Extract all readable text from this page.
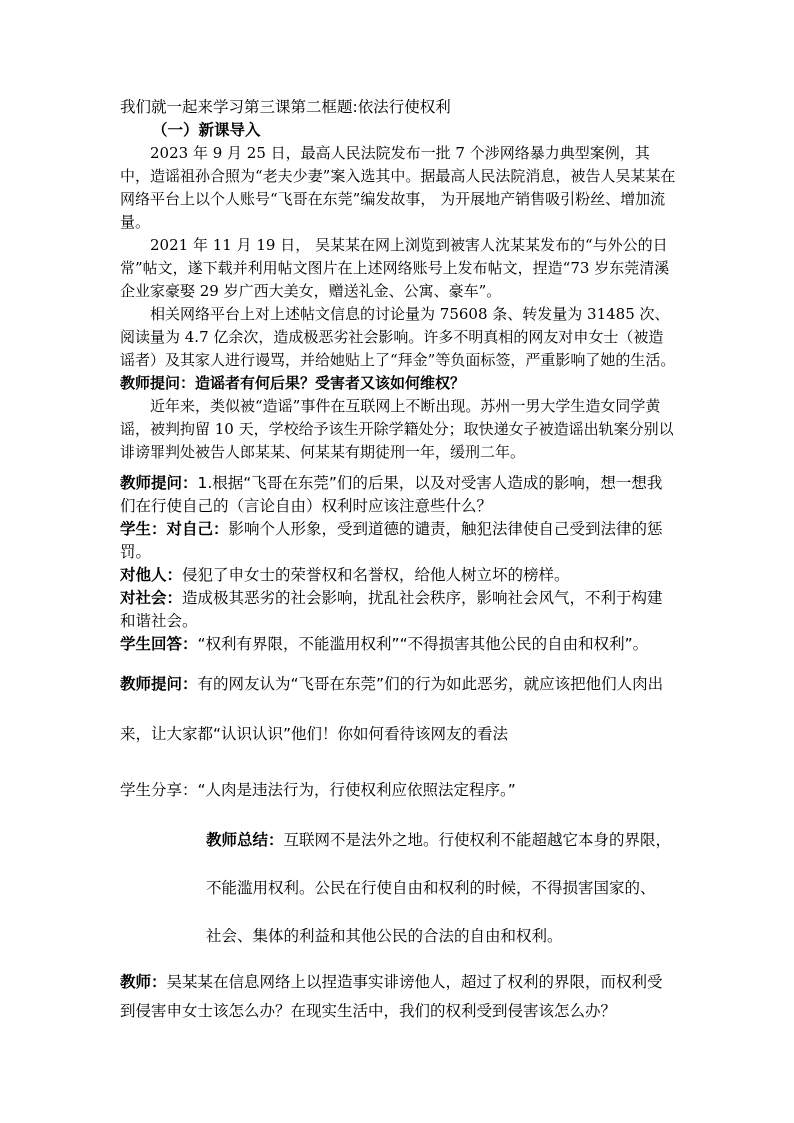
我们就一起来学习第三课第二框题:依法行使权利

（一）新课导入

2023 年 9 月 25 日，最高人民法院发布一批 7 个涉网络暴力典型案例，其中，造谣祖孙合照为“老夫少妻”案入选其中。据最高人民法院消息，被告人吴某某在网络平台上以个人账号“飞哥在东莞”编发故事， 为开展地产销售吸引粉丝、增加流量。

2021 年 11 月 19 日， 吴某某在网上浏览到被害人沈某某发布的“与外公的日常”帖文，遂下载并利用帖文图片在上述网络账号上发布帖文，捏造“73 岁东莞清溪企业家豪娶 29 岁广西大美女，赠送礼金、公寓、豪车”。

相关网络平台上对上述帖文信息的讨论量为 75608 条、转发量为 31485 次、阅读量为 4.7 亿余次，造成极恶劣社会影响。许多不明真相的网友对申女士（被造谣者）及其家人进行谩骂，并给她贴上了“拜金”等负面标签，严重影响了她的生活。

教师提问：造谣者有何后果？受害者又该如何维权？

近年来，类似被“造谣”事件在互联网上不断出现。苏州一男大学生造女同学黄谣，被判拘留 10 天，学校给予该生开除学籍处分；取快递女子被造谣出轨案分别以诽谤罪判处被告人郎某某、何某某有期徒刑一年，缓刑二年。

教师提问：1.根据“飞哥在东莞”们的后果，以及对受害人造成的影响，想一想我们在行使自己的（言论自由）权利时应该注意些什么？

学生：对自己：影响个人形象，受到道德的谴责，触犯法律使自己受到法律的惩罚。

对他人：侵犯了申女士的荣誉权和名誉权，给他人树立坏的榜样。

对社会：造成极其恶劣的社会影响，扰乱社会秩序，影响社会风气，不利于构建和谐社会。

学生回答：“权利有界限，不能滥用权利”“不得损害其他公民的自由和权利”。

教师提问：有的网友认为“飞哥在东莞”们的行为如此恶劣，就应该把他们人肉出

来，让大家都“认识认识”他们！你如何看待该网友的看法

学生分享：“人肉是违法行为，行使权利应依照法定程序。”

教师总结：互联网不是法外之地。行使权利不能超越它本身的界限，

不能滥用权利。公民在行使自由和权利的时候，不得损害国家的、

社会、集体的利益和其他公民的合法的自由和权利。

教师：吴某某在信息网络上以捏造事实诽谤他人，超过了权利的界限，而权利受到侵害申女士该怎么办？在现实生活中，我们的权利受到侵害该怎么办？
